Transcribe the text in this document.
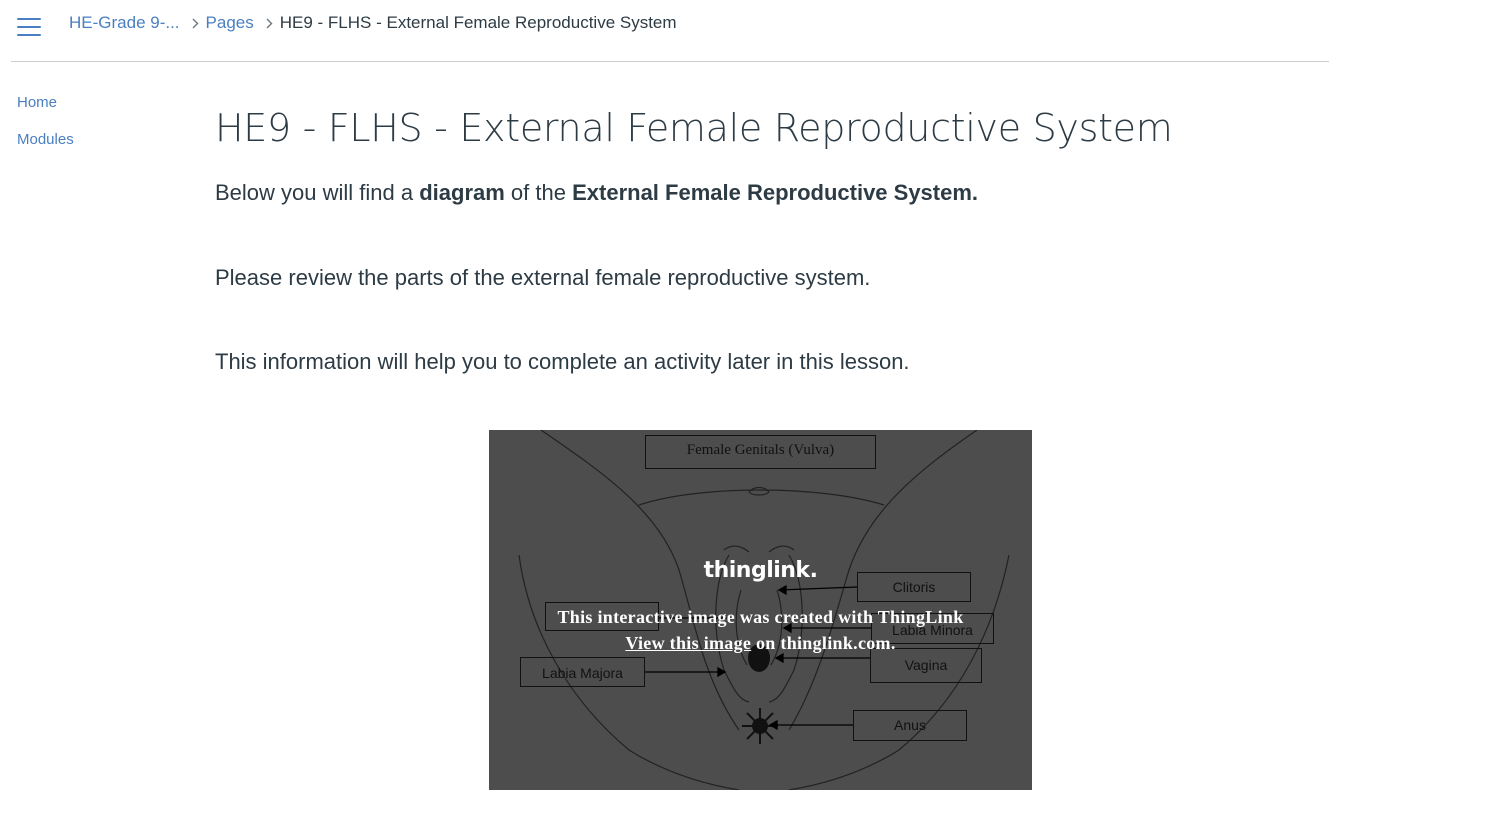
HE-Grade 9-... Pages HE9 - FLHS - External Female Reproductive System
Home
Modules	HE9 - FLHS - External Female Reproductive System

Below you will find a diagram of the External Female Reproductive System.

Please review the parts of the external female reproductive system.

This information will help you to complete an activity later in this lesson.

Female Genitals (Vulva)
Clitoris
Labia Minora
Vagina
Labia Majora
Anus
thinglink.
This interactive image was created with ThingLink
View this image on thinglink.com.
